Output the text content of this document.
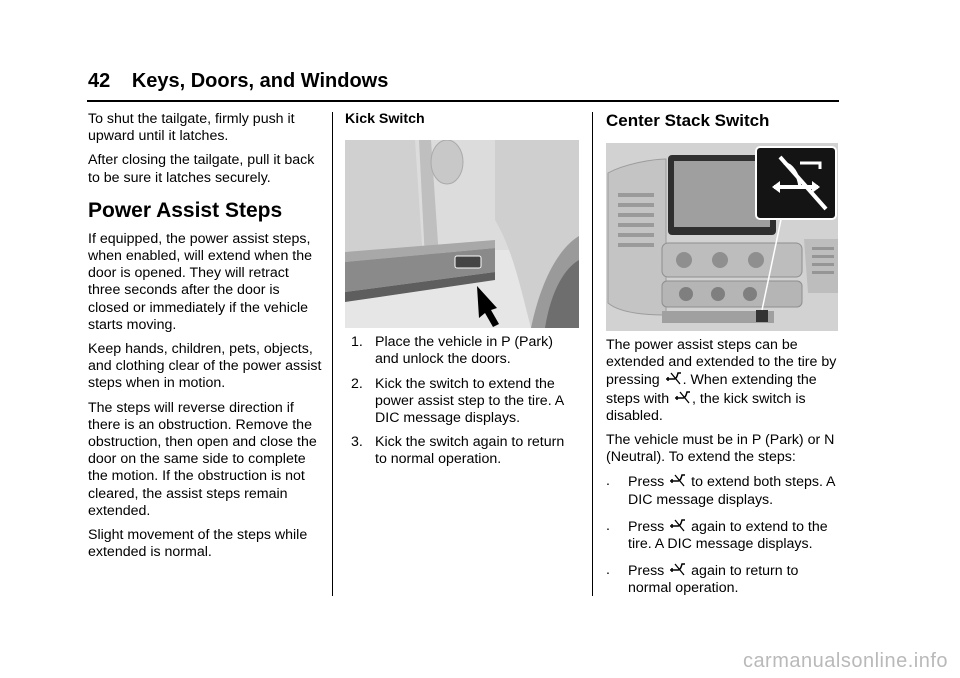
42 Keys, Doors, and Windows

To shut the tailgate, firmly push it upward until it latches.

After closing the tailgate, pull it back to be sure it latches securely.

Power Assist Steps

If equipped, the power assist steps, when enabled, will extend when the door is opened. They will retract three seconds after the door is closed or immediately if the vehicle starts moving.

Keep hands, children, pets, objects, and clothing clear of the power assist steps when in motion.

The steps will reverse direction if there is an obstruction. Remove the obstruction, then open and close the door on the same side to complete the motion. If the obstruction is not cleared, the assist steps remain extended.

Slight movement of the steps while extended is normal.

Kick Switch
1. Place the vehicle in P (Park) and unlock the doors.
2. Kick the switch to extend the power assist step to the tire. A DIC message displays.
3. Kick the switch again to return to normal operation.
Center Stack Switch

The power assist steps can be extended and extended to the tire by pressing . When extending the steps with , the kick switch is disabled.

The vehicle must be in P (Park) or N (Neutral). To extend the steps:

.	Press to extend both steps. A DIC message displays.
.	Press again to extend to the tire. A DIC message displays.
.	Press again to return to normal operation.
carmanualsonline.info
